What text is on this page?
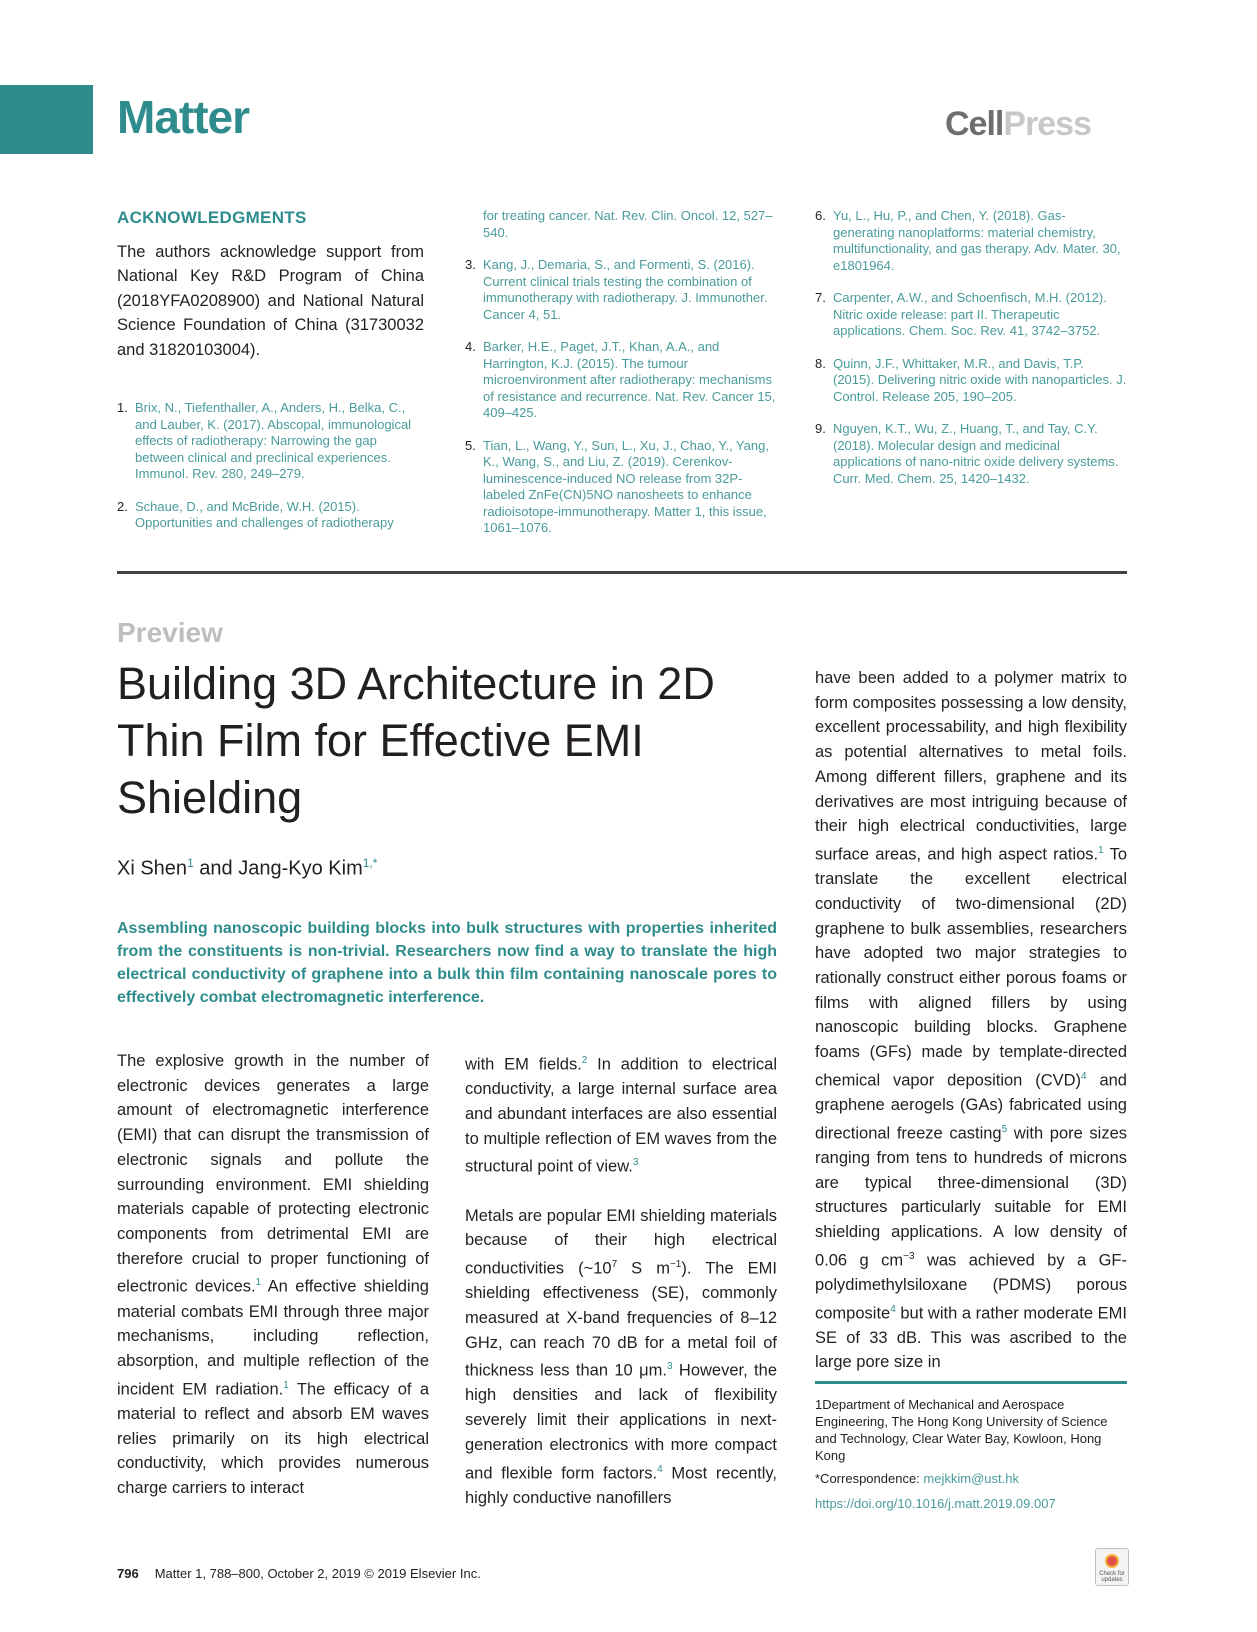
Matter	CellPress
ACKNOWLEDGMENTS

The authors acknowledge support from National Key R&D Program of China (2018YFA0208900) and National Natural Science Foundation of China (31730032 and 31820103004).

1. Brix, N., Tiefenthaller, A., Anders, H., Belka, C., and Lauber, K. (2017). Abscopal, immunological effects of radiotherapy: Narrowing the gap between clinical and preclinical experiences. Immunol. Rev. 280, 249–279.
2. Schaue, D., and McBride, W.H. (2015). Opportunities and challenges of radiotherapy

for treating cancer. Nat. Rev. Clin. Oncol. 12, 527–540.

3. Kang, J., Demaria, S., and Formenti, S. (2016). Current clinical trials testing the combination of immunotherapy with radiotherapy. J. Immunother. Cancer 4, 51.
4. Barker, H.E., Paget, J.T., Khan, A.A., and Harrington, K.J. (2015). The tumour microenvironment after radiotherapy: mechanisms of resistance and recurrence. Nat. Rev. Cancer 15, 409–425.
5. Tian, L., Wang, Y., Sun, L., Xu, J., Chao, Y., Yang, K., Wang, S., and Liu, Z. (2019). Cerenkov-luminescence-induced NO release from 32P-labeled ZnFe(CN)5NO nanosheets to enhance radioisotope-immunotherapy. Matter 1, this issue, 1061–1076.
6. Yu, L., Hu, P., and Chen, Y. (2018). Gas-generating nanoplatforms: material chemistry, multifunctionality, and gas therapy. Adv. Mater. 30, e1801964.
7. Carpenter, A.W., and Schoenfisch, M.H. (2012). Nitric oxide release: part II. Therapeutic applications. Chem. Soc. Rev. 41, 3742–3752.
8. Quinn, J.F., Whittaker, M.R., and Davis, T.P. (2015). Delivering nitric oxide with nanoparticles. J. Control. Release 205, 190–205.
9. Nguyen, K.T., Wu, Z., Huang, T., and Tay, C.Y. (2018). Molecular design and medicinal applications of nano-nitric oxide delivery systems. Curr. Med. Chem. 25, 1420–1432.

Preview

Building 3D Architecture in 2D Thin Film for Effective EMI Shielding

Xi Shen$^1$ and Jang-Kyo Kim$^{1,*}$

Assembling nanoscopic building blocks into bulk structures with properties inherited from the constituents is non-trivial. Researchers now find a way to translate the high electrical conductivity of graphene into a bulk thin film containing nanoscale pores to effectively combat electromagnetic interference.

The explosive growth in the number of electronic devices generates a large amount of electromagnetic interference (EMI) that can disrupt the transmission of electronic signals and pollute the surrounding environment. EMI shielding materials capable of protecting electronic components from detrimental EMI are therefore crucial to proper functioning of electronic devices.$^1$ An effective shielding material combats EMI through three major mechanisms, including reflection, absorption, and multiple reflection of the incident EM radiation.$^1$ The efficacy of a material to reflect and absorb EM waves relies primarily on its high electrical conductivity, which provides numerous charge carriers to interact

with EM fields.$^2$ In addition to electrical conductivity, a large internal surface area and abundant interfaces are also essential to multiple reflection of EM waves from the structural point of view.$^3$

Metals are popular EMI shielding materials because of their high electrical conductivities ($\sim 10^7$ S $m^{-1}$). The EMI shielding effectiveness (SE), commonly measured at X-band frequencies of 8–12 GHz, can reach 70 dB for a metal foil of thickness less than 10 μm.$^3$ However, the high densities and lack of flexibility severely limit their applications in next-generation electronics with more compact and flexible form factors.$^4$ Most recently, highly conductive nanofillers

have been added to a polymer matrix to form composites possessing a low density, excellent processability, and high flexibility as potential alternatives to metal foils. Among different fillers, graphene and its derivatives are most intriguing because of their high electrical conductivities, large surface areas, and high aspect ratios.$^1$ To translate the excellent electrical conductivity of two-dimensional (2D) graphene to bulk assemblies, researchers have adopted two major strategies to rationally construct either porous foams or films with aligned fillers by using nanoscopic building blocks. Graphene foams (GFs) made by template-directed chemical vapor deposition (CVD)$^4$ and graphene aerogels (GAs) fabricated using directional freeze casting$^5$ with pore sizes ranging from tens to hundreds of microns are typical three-dimensional (3D) structures particularly suitable for EMI shielding applications. A low density of 0.06 g $cm^{-3}$ was achieved by a GF-polydimethylsiloxane (PDMS) porous composite$^4$ but with a rather moderate EMI SE of 33 dB. This was ascribed to the large pore size in

1Department of Mechanical and Aerospace Engineering, The Hong Kong University of Science and Technology, Clear Water Bay, Kowloon, Hong Kong

*Correspondence: mejkkim@ust.hk

https://doi.org/10.1016/j.matt.2019.09.007

796 Matter 1, 788–800, October 2, 2019 © 2019 Elsevier Inc.	Check for updates
